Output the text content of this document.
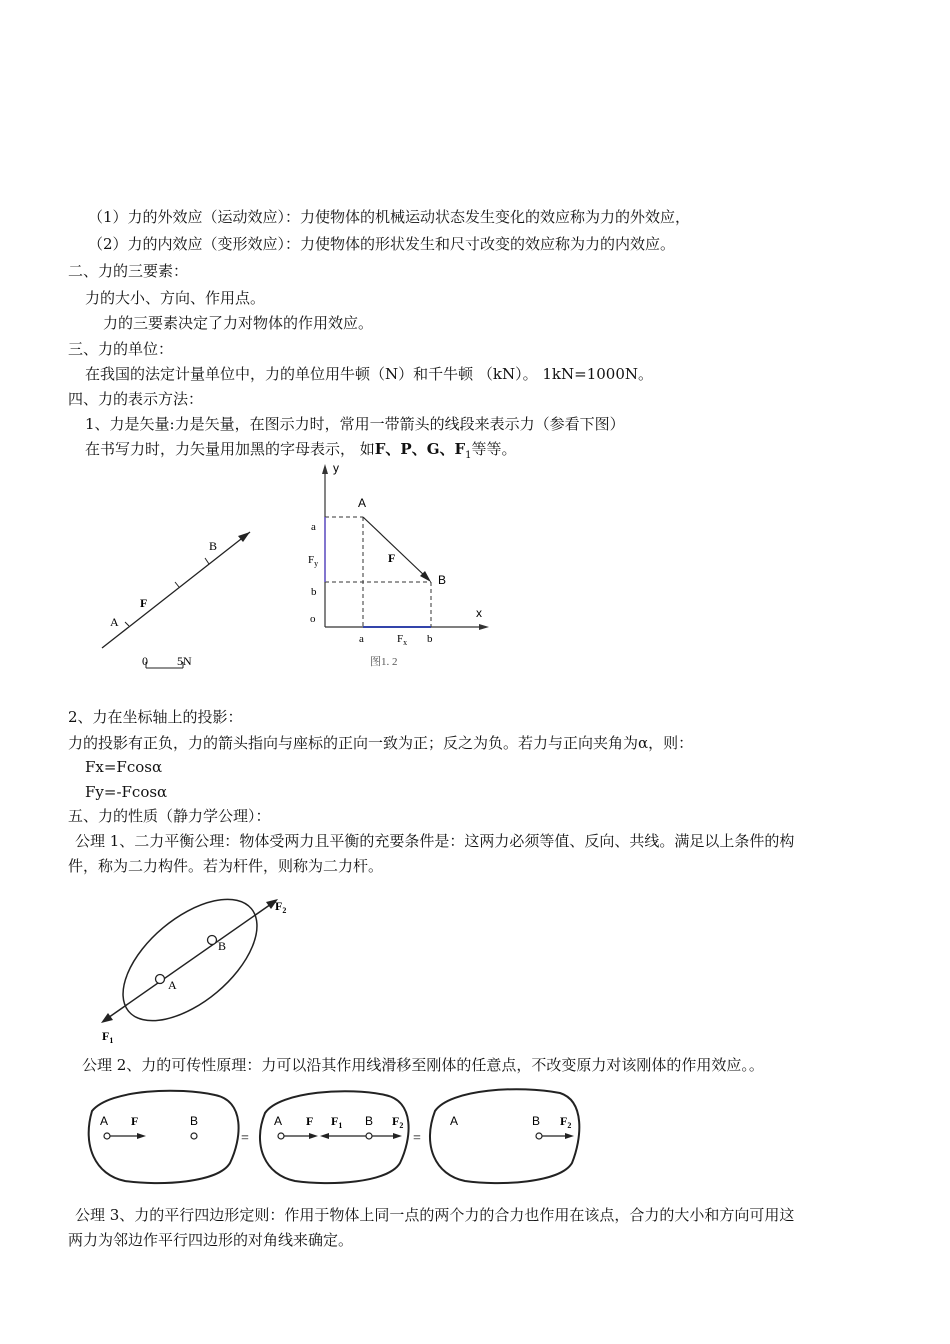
（1）力的外效应（运动效应）：力使物体的机械运动状态发生变化的效应称为力的外效应，
（2）力的内效应（变形效应）：力使物体的形状发生和尺寸改变的效应称为力的内效应。
二、力的三要素：
力的大小、方向、作用点。
力的三要素决定了力对物体的作用效应。
三、力的单位：
在我国的法定计量单位中，力的单位用牛顿（N）和千牛顿 （kN）。 1kN=1000N。
四、力的表示方法：
1、力是矢量:力是矢量，在图示力时，常用一带箭头的线段来表示力（参看下图）
在书写力时，力矢量用加黑的字母表示， 如F、P、G、$F_1$等等。
B
F
A
0 5N
y
x
A
B
F
a
$F_y$
b
o
a	$F_x$ b
图1. 2
2、力在坐标轴上的投影：
力的投影有正负，力的箭头指向与座标的正向一致为正；反之为负。若力与正向夹角为α，则：
Fx=Fcosα
Fy=-Fcosα
五、力的性质（静力学公理）：
公理 1、二力平衡公理：物体受两力且平衡的充要条件是：这两力必须等值、反向、共线。满足以上条件的构
件，称为二力构件。若为杆件，则称为二力杆。
$F_2$
B
A
$F_1$
公理 2、力的可传性原理：力可以沿其作用线滑移至刚体的任意点，不改变原力对该刚体的作用效应。。
A F	B
=
A F $F_1$ B $F_2$
=
A	B $F_2$
公理 3、力的平行四边形定则：作用于物体上同一点的两个力的合力也作用在该点，合力的大小和方向可用这
两力为邻边作平行四边形的对角线来确定。
